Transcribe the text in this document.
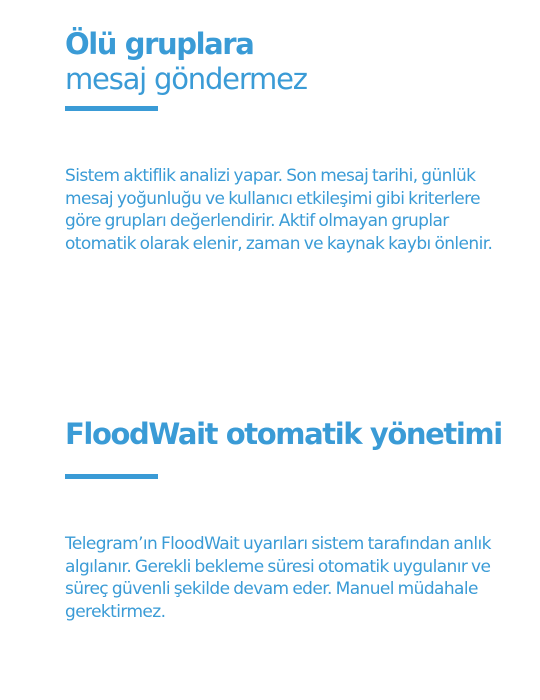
Ölü gruplara
mesaj göndermez

Sistem aktiflik analizi yapar. Son mesaj tarihi, günlük mesaj yoğunluğu ve kullanıcı etkileşimi gibi kriterlere göre grupları değerlendirir. Aktif olmayan gruplar otomatik olarak elenir, zaman ve kaynak kaybı önlenir.

FloodWait otomatik yönetimi

Telegram’ın FloodWait uyarıları sistem tarafından anlık algılanır. Gerekli bekleme süresi otomatik uygulanır ve süreç güvenli şekilde devam eder. Manuel müdahale gerektirmez.
